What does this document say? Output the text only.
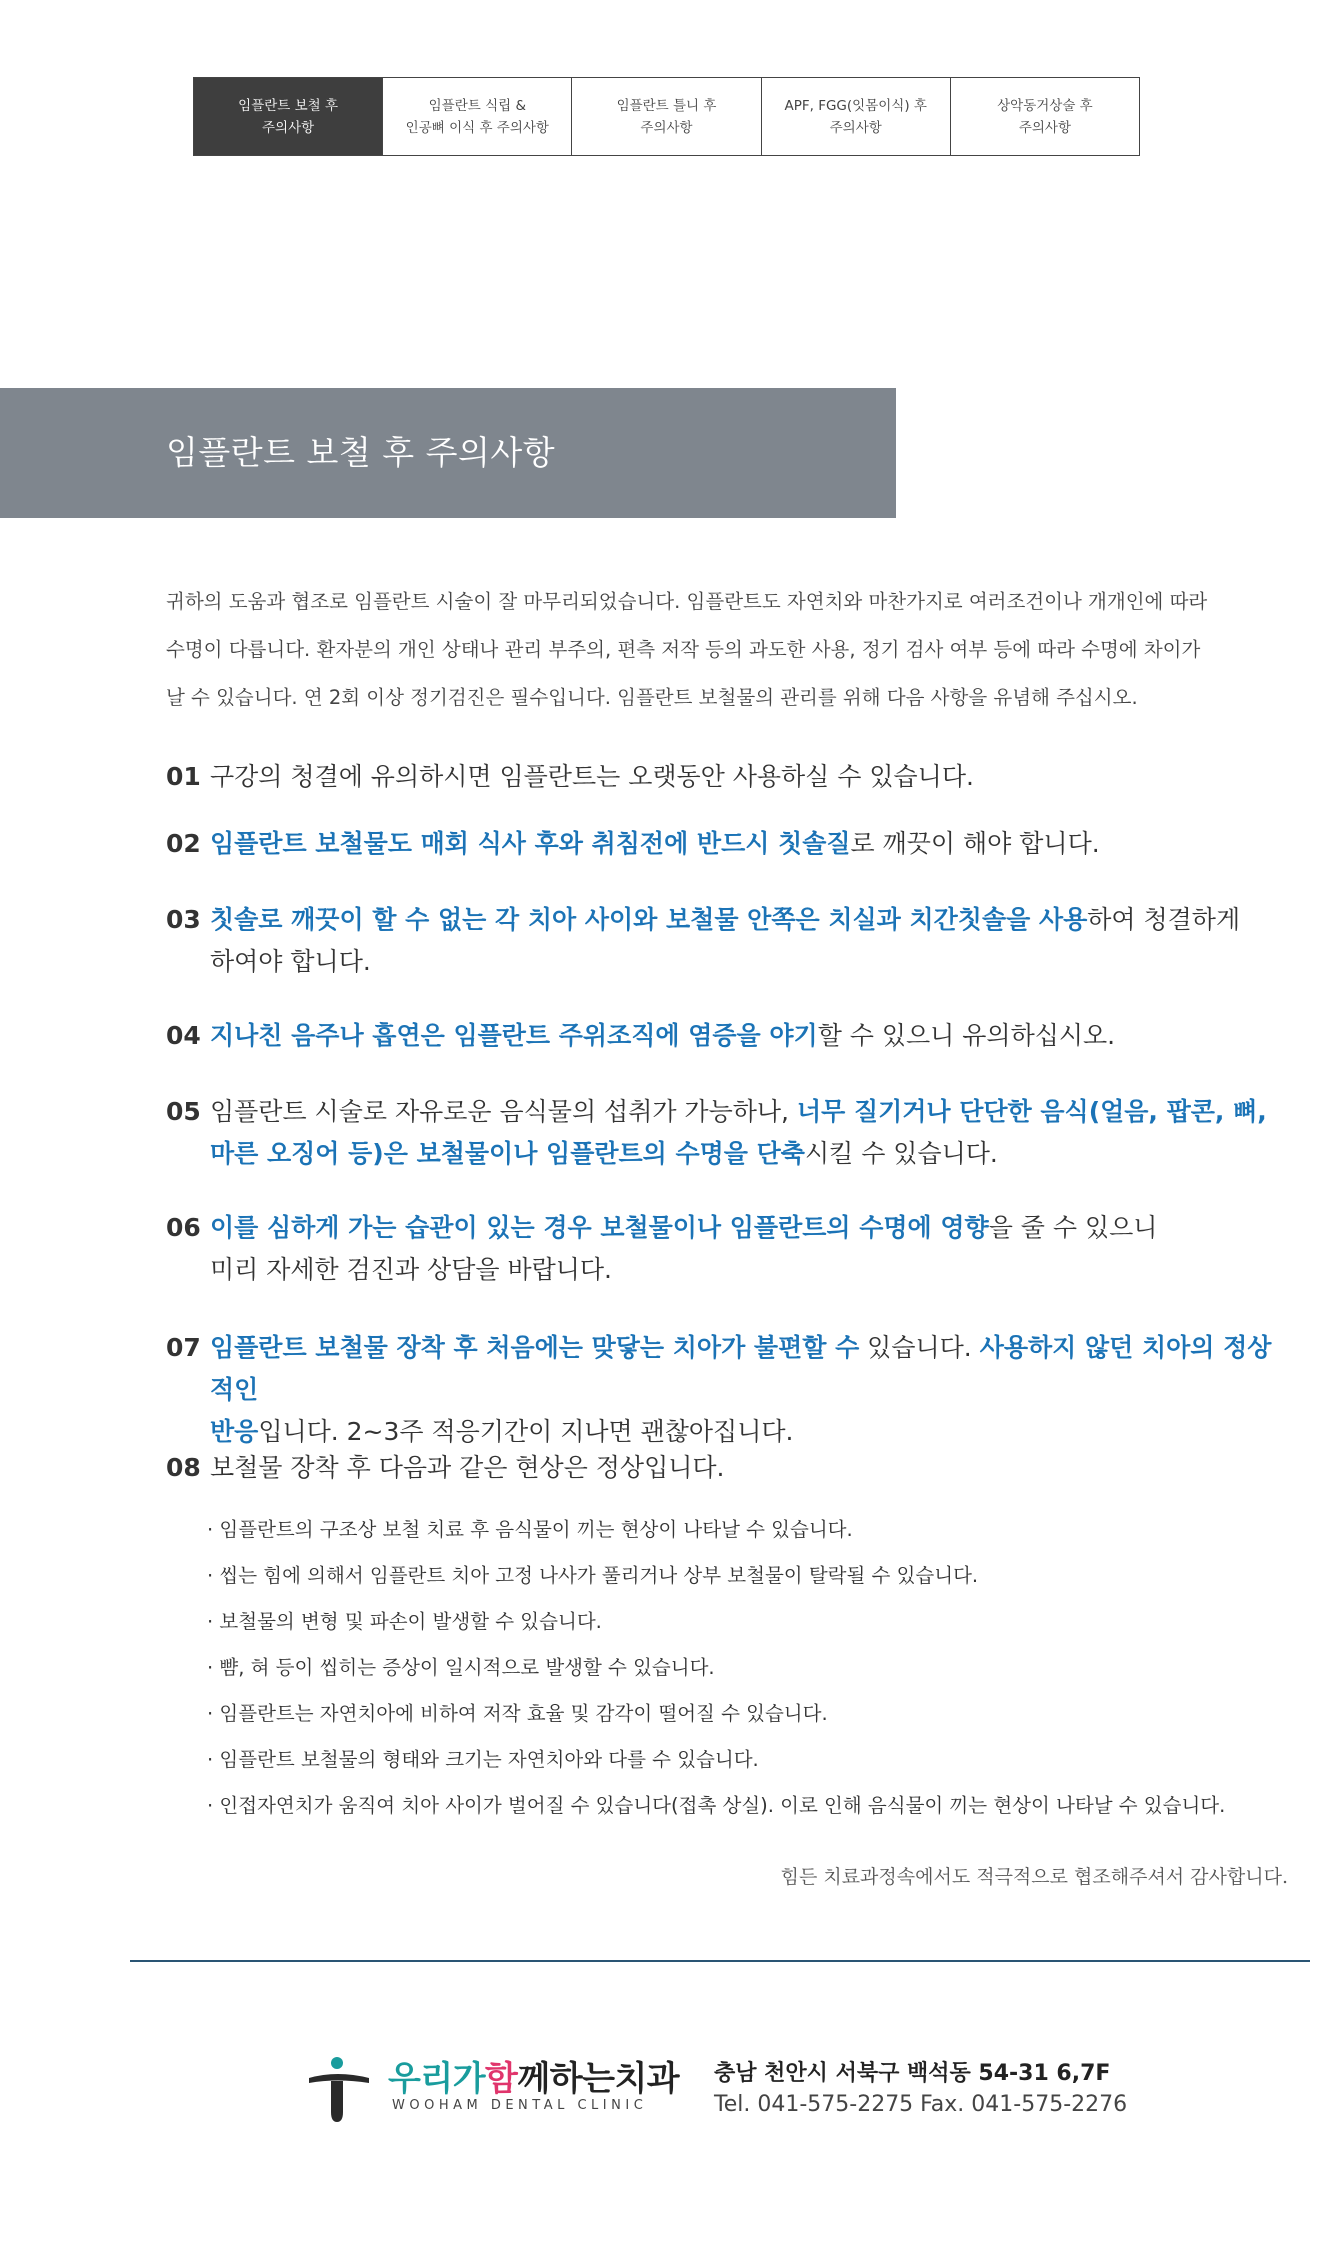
임플란트 보철 후
주의사항
임플란트 식립 &
인공뼈 이식 후 주의사항
임플란트 틀니 후
주의사항
APF, FGG(잇몸이식) 후
주의사항
상악동거상술 후
주의사항
임플란트 보철 후 주의사항

귀하의 도움과 협조로 임플란트 시술이 잘 마무리되었습니다. 임플란트도 자연치와 마찬가지로 여러조건이나 개개인에 따라
수명이 다릅니다. 환자분의 개인 상태나 관리 부주의, 편측 저작 등의 과도한 사용, 정기 검사 여부 등에 따라 수명에 차이가
날 수 있습니다. 연 2회 이상 정기검진은 필수입니다. 임플란트 보철물의 관리를 위해 다음 사항을 유념해 주십시오.

01 구강의 청결에 유의하시면 임플란트는 오랫동안 사용하실 수 있습니다.
02 임플란트 보철물도 매회 식사 후와 취침전에 반드시 칫솔질로 깨끗이 해야 합니다.
03 칫솔로 깨끗이 할 수 없는 각 치아 사이와 보철물 안쪽은 치실과 치간칫솔을 사용하여 청결하게
하여야 합니다.
04 지나친 음주나 흡연은 임플란트 주위조직에 염증을 야기할 수 있으니 유의하십시오.
05 임플란트 시술로 자유로운 음식물의 섭취가 가능하나, 너무 질기거나 단단한 음식(얼음, 팝콘, 뼈,
마른 오징어 등)은 보철물이나 임플란트의 수명을 단축시킬 수 있습니다.
06 이를 심하게 가는 습관이 있는 경우 보철물이나 임플란트의 수명에 영향을 줄 수 있으니
미리 자세한 검진과 상담을 바랍니다.
07 임플란트 보철물 장착 후 처음에는 맞닿는 치아가 불편할 수 있습니다. 사용하지 않던 치아의 정상적인
반응입니다. 2~3주 적응기간이 지나면 괜찮아집니다.
08 보철물 장착 후 다음과 같은 현상은 정상입니다.
· 임플란트의 구조상 보철 치료 후 음식물이 끼는 현상이 나타날 수 있습니다.
· 씹는 힘에 의해서 임플란트 치아 고정 나사가 풀리거나 상부 보철물이 탈락될 수 있습니다.
· 보철물의 변형 및 파손이 발생할 수 있습니다.
· 뺨, 혀 등이 씹히는 증상이 일시적으로 발생할 수 있습니다.
· 임플란트는 자연치아에 비하여 저작 효율 및 감각이 떨어질 수 있습니다.
· 임플란트 보철물의 형태와 크기는 자연치아와 다를 수 있습니다.
· 인접자연치가 움직여 치아 사이가 벌어질 수 있습니다(접촉 상실). 이로 인해 음식물이 끼는 현상이 나타날 수 있습니다.

힘든 치료과정속에서도 적극적으로 협조해주셔서 감사합니다.

우리가함께하는치과

WOOHAM DENTAL CLINIC

충남 천안시 서북구 백석동 54-31 6,7F

Tel. 041-575-2275 Fax. 041-575-2276
